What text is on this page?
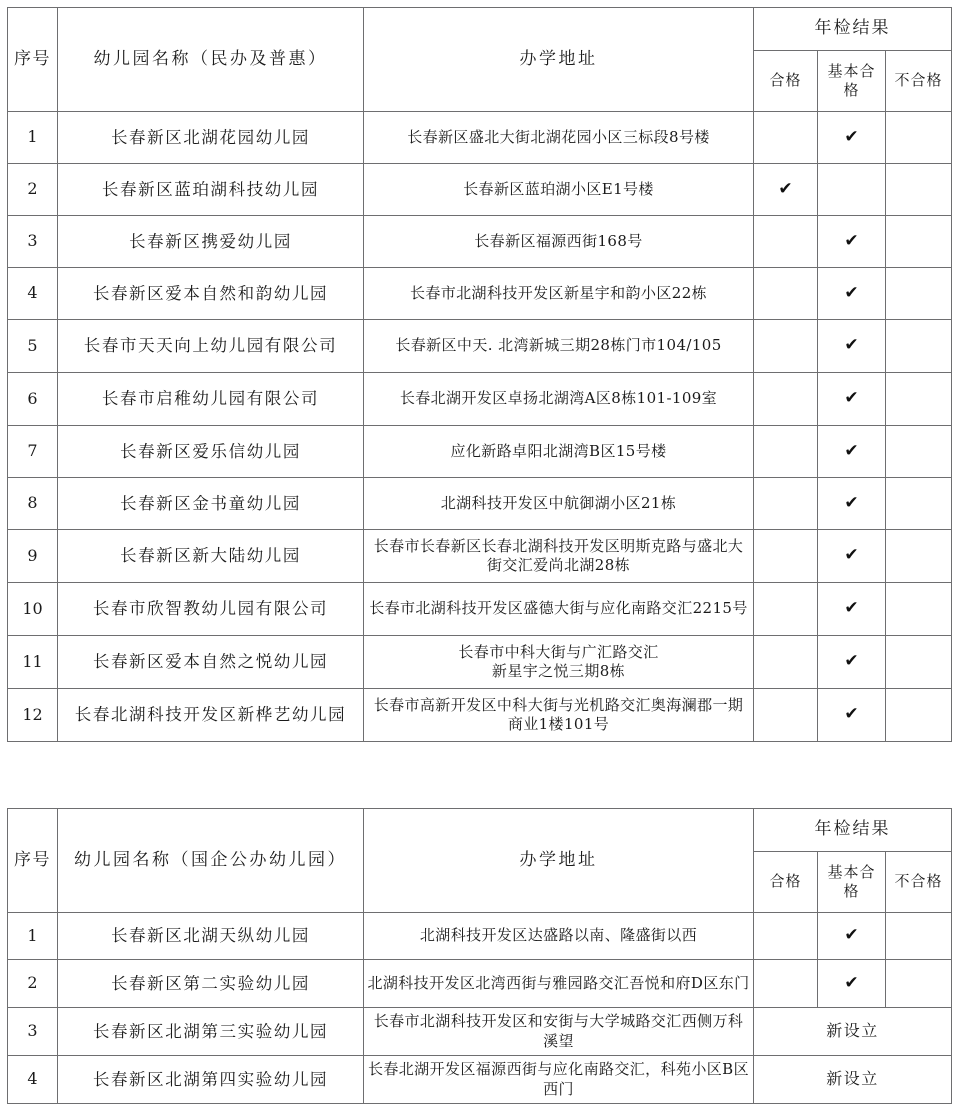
序号	幼儿园名称（民办及普惠）	办学地址	年检结果		
			合格	基本合格	不合格
1	长春新区北湖花园幼儿园	长春新区盛北大街北湖花园小区三标段8号楼		✔	
2	长春新区蓝珀湖科技幼儿园	长春新区蓝珀湖小区E1号楼	✔		
3	长春新区携爱幼儿园	长春新区福源西街168号		✔	
4	长春新区爱本自然和韵幼儿园	长春市北湖科技开发区新星宇和韵小区22栋		✔	
5	长春市天天向上幼儿园有限公司	长春新区中天. 北湾新城三期28栋门市104/105		✔	
6	长春市启稚幼儿园有限公司	长春北湖开发区卓扬北湖湾A区8栋101-109室		✔	
7	长春新区爱乐信幼儿园	应化新路卓阳北湖湾B区15号楼		✔	
8	长春新区金书童幼儿园	北湖科技开发区中航御湖小区21栋		✔	
9	长春新区新大陆幼儿园	长春市长春新区长春北湖科技开发区明斯克路与盛北大街交汇爱尚北湖28栋		✔	
10	长春市欣智教幼儿园有限公司	长春市北湖科技开发区盛德大街与应化南路交汇2215号		✔	
11	长春新区爱本自然之悦幼儿园	长春市中科大街与广汇路交汇
新星宇之悦三期8栋		✔	
12	长春北湖科技开发区新桦艺幼儿园	长春市高新开发区中科大街与光机路交汇奥海澜郡一期商业1楼101号		✔	
序号	幼儿园名称（国企公办幼儿园）	办学地址	年检结果		
			合格	基本合格	不合格
1	长春新区北湖天纵幼儿园	北湖科技开发区达盛路以南、隆盛街以西		✔	
2	长春新区第二实验幼儿园	北湖科技开发区北湾西街与雅园路交汇吾悦和府D区东门		✔	
3	长春新区北湖第三实验幼儿园	长春市北湖科技开发区和安街与大学城路交汇西侧万科溪望	新设立		
4	长春新区北湖第四实验幼儿园	长春北湖开发区福源西街与应化南路交汇，科苑小区B区西门	新设立		
